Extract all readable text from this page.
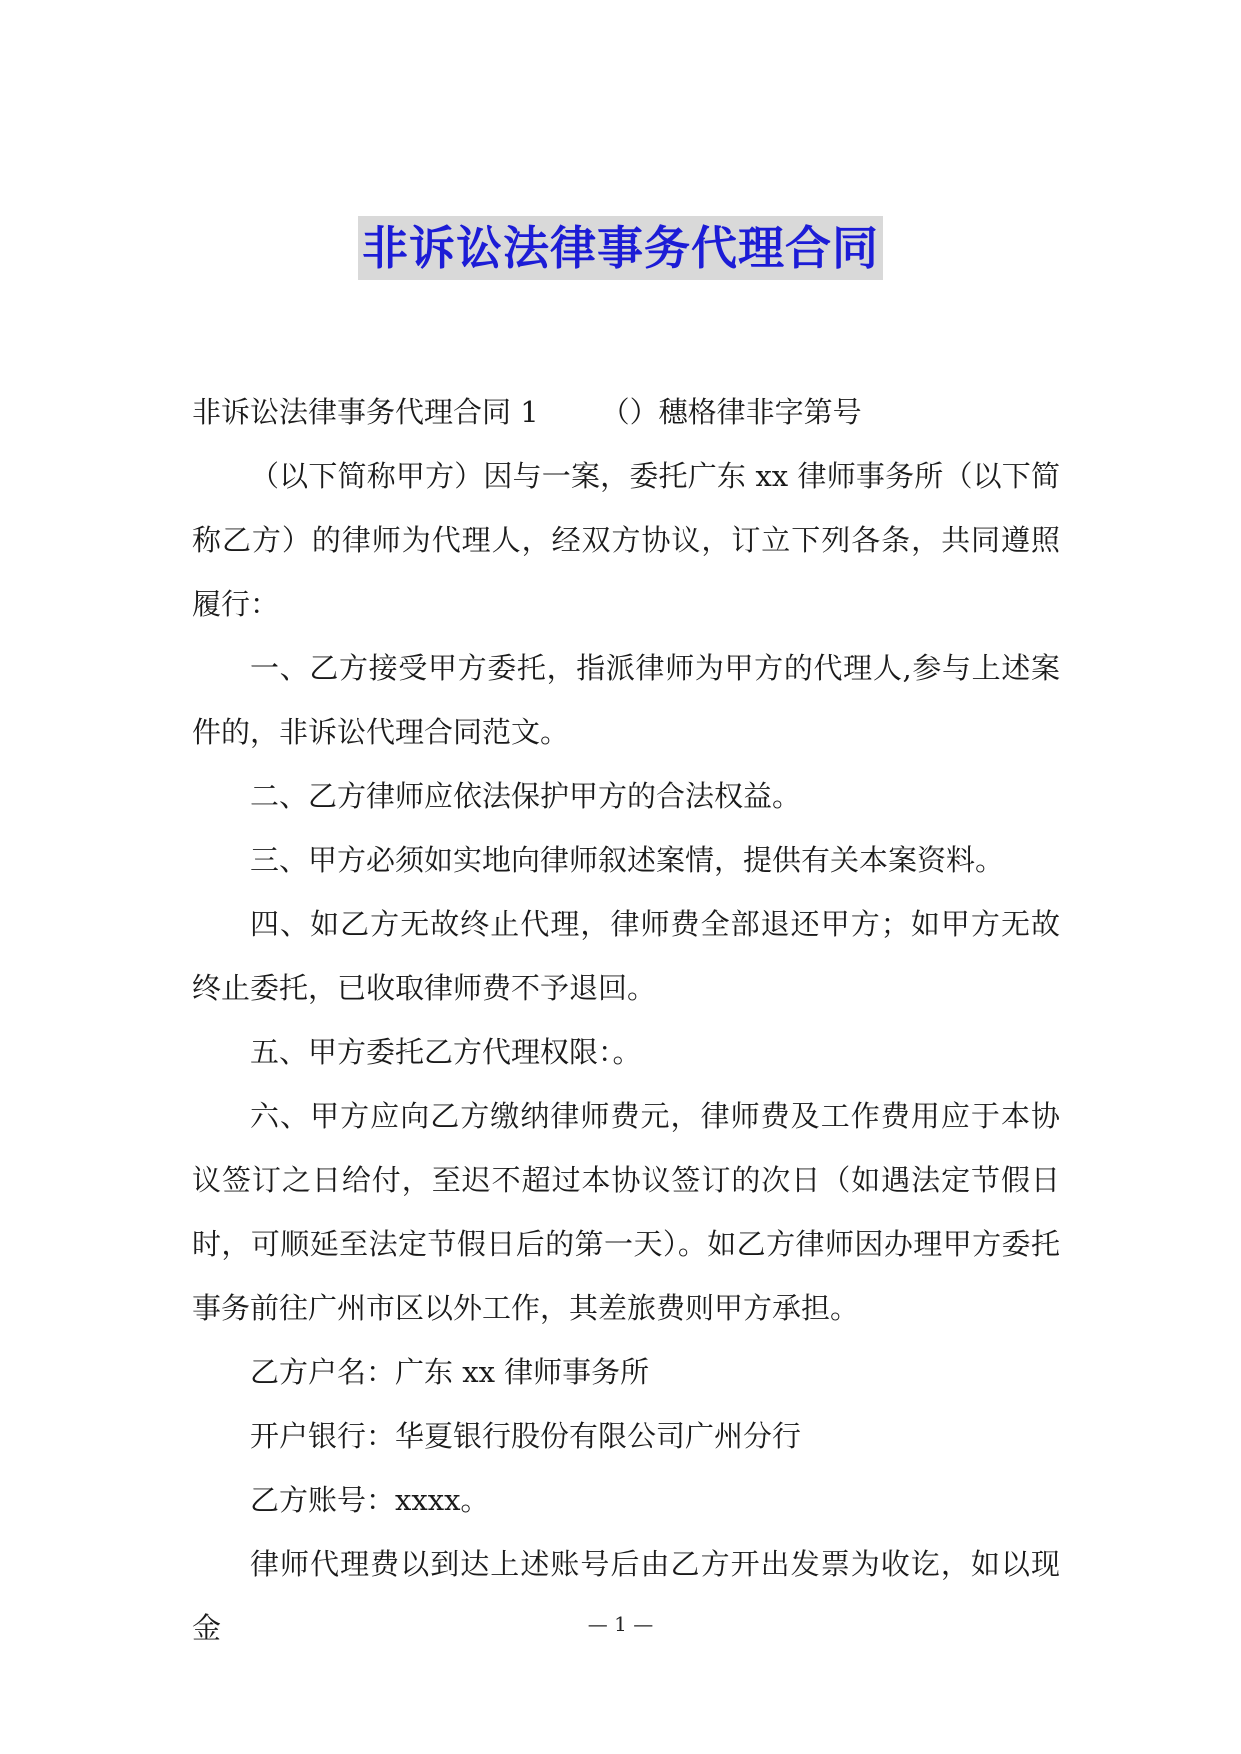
非诉讼法律事务代理合同

非诉讼法律事务代理合同 1 （）穗格律非字第号

（以下简称甲方）因与一案，委托广东 xx 律师事务所（以下简称乙方）的律师为代理人，经双方协议，订立下列各条，共同遵照履行：

一、乙方接受甲方委托，指派律师为甲方的代理人,参与上述案件的，非诉讼代理合同范文。

二、乙方律师应依法保护甲方的合法权益。

三、甲方必须如实地向律师叙述案情，提供有关本案资料。

四、如乙方无故终止代理，律师费全部退还甲方；如甲方无故终止委托，已收取律师费不予退回。

五、甲方委托乙方代理权限：。

六、甲方应向乙方缴纳律师费元，律师费及工作费用应于本协议签订之日给付，至迟不超过本协议签订的次日（如遇法定节假日时，可顺延至法定节假日后的第一天）。如乙方律师因办理甲方委托事务前往广州市区以外工作，其差旅费则甲方承担。

乙方户名：广东 xx 律师事务所

开户银行：华夏银行股份有限公司广州分行

乙方账号：xxxx。

律师代理费以到达上述账号后由乙方开出发票为收讫，如以现金	— 1 —
